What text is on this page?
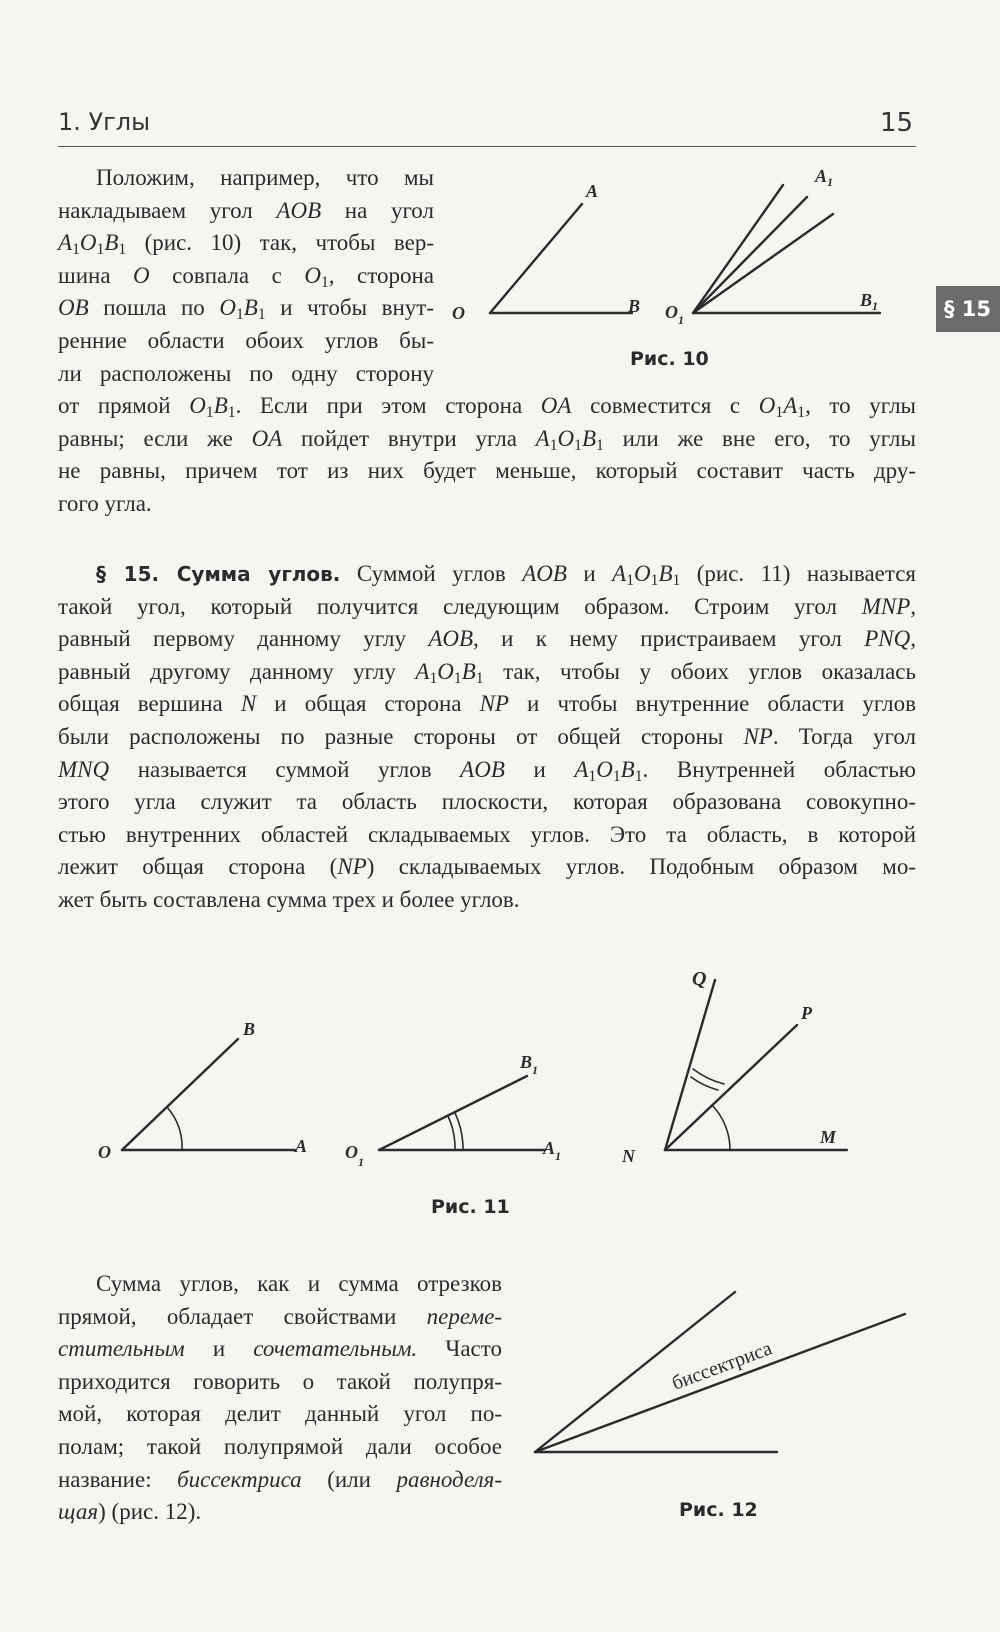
1. Углы	15
§ 15
Положим, например, что мы
накладываем угол AOB на угол
$A_1O_1B_1$ (рис. 10) так, чтобы вер-
шина O совпала с $O_1$, сторона
OB пошла по $O_1B_1$ и чтобы внут-
ренние области обоих углов бы-
ли расположены по одну сторону
от прямой $O_1B_1$. Если при этом сторона OA совместится с $O_1A_1$, то углы
равны; если же OA пойдет внутри угла $A_1O_1B_1$ или же вне его, то углы
не равны, причем тот из них будет меньше, который составит часть дру-
гого угла.
A
O	B
$A_1$
$O_1$
$B_1$
Рис. 10
§ 15. Сумма углов. Суммой углов AOB и $A_1O_1B_1$ (рис. 11) называется
такой угол, который получится следующим образом. Строим угол MNP,
равный первому данному углу AOB, и к нему пристраиваем угол PNQ,
равный другому данному углу $A_1O_1B_1$ так, чтобы у обоих углов оказалась
общая вершина N и общая сторона NP и чтобы внутренние области углов
были расположены по разные стороны от общей стороны NP. Тогда угол
MNQ называется суммой углов AOB и $A_1O_1B_1$. Внутренней областью
этого угла служит та область плоскости, которая образована совокупно-
стью внутренних областей складываемых углов. Это та область, в которой
лежит общая сторона (NP) складываемых углов. Подобным образом мо-
жет быть составлена сумма трех и более углов.
B
O	A
$B_1$
$O_1$
$A_1$
Q
P
N
M
Рис. 11
Сумма углов, как и сумма отрезков
прямой, обладает свойствами переме-
стительным и сочетательным. Часто
приходится говорить о такой полупря-
мой, которая делит данный угол по-
полам; такой полупрямой дали особое
название: биссектриса (или равноделя-
щая) (рис. 12).
биссектриса
Рис. 12
